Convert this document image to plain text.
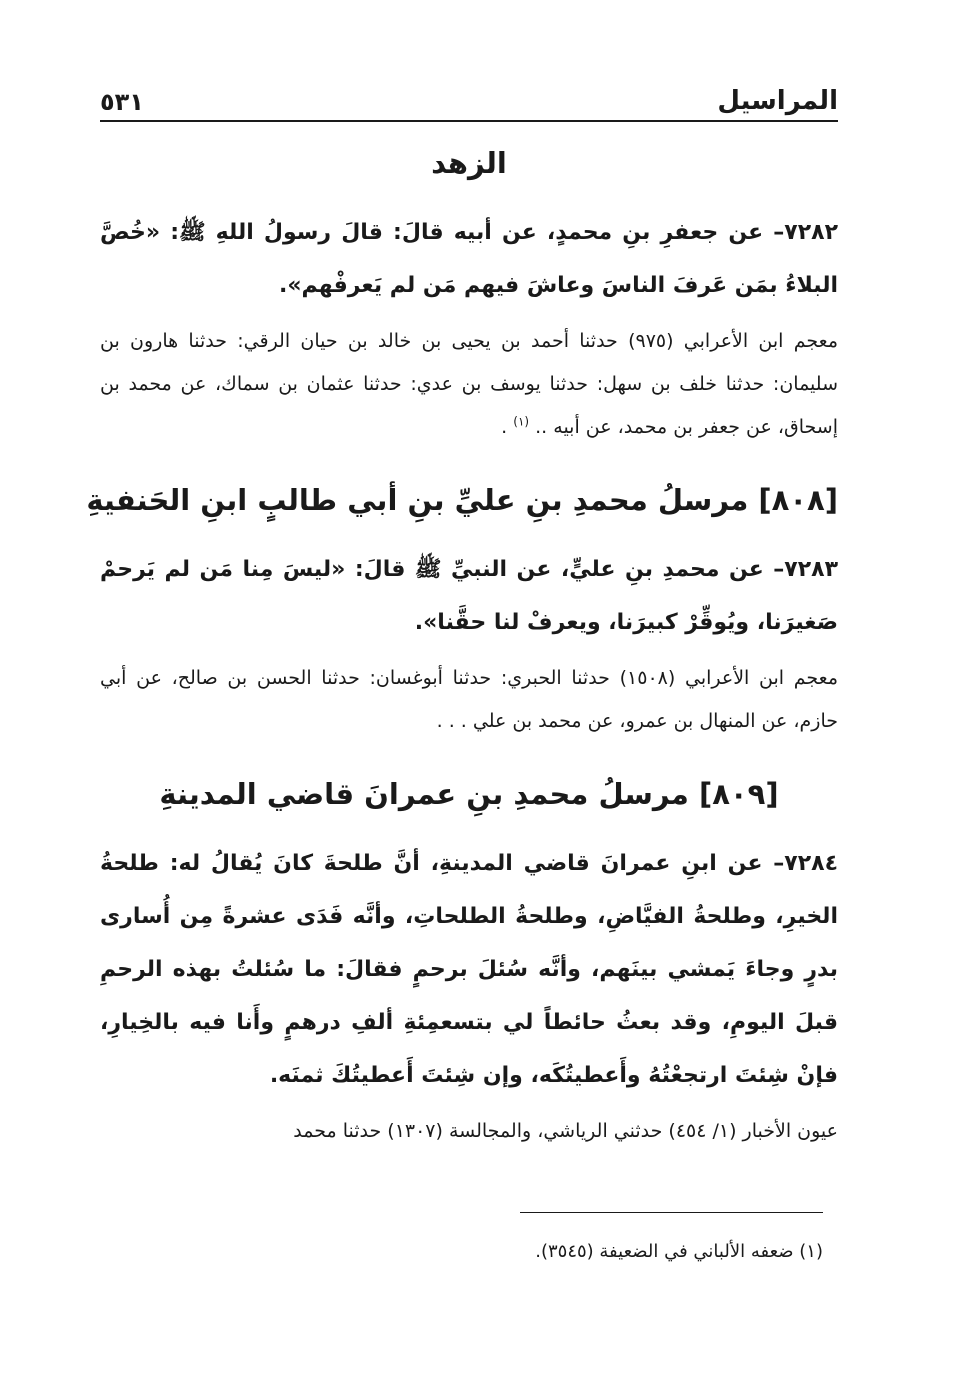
المراسيل
٥٣١
الزهد

٧٢٨٢– عن جعفرِ بنِ محمدٍ، عن أبيه قالَ: قالَ رسولُ اللهِ ﷺ: «خُصَّ البلاءُ بمَن عَرفَ الناسَ وعاشَ فيهم مَن لم يَعرفْهم».

معجم ابن الأعرابي (٩٧٥) حدثنا أحمد بن يحيى بن خالد بن حيان الرقي: حدثنا هارون بن سليمان: حدثنا خلف بن سهل: حدثنا يوسف بن عدي: حدثنا عثمان بن سماك، عن محمد بن إسحاق، عن جعفر بن محمد، عن أبيه .. $^{(١)}$ .

[٨٠٨] مرسلُ محمدِ بنِ عليِّ بنِ أبي طالبٍ ابنِ الحَنفيةِ

٧٢٨٣– عن محمدِ بنِ عليٍّ، عن النبيِّ ﷺ قالَ: «ليسَ مِنا مَن لم يَرحمْ صَغيرَنا، ويُوقِّرْ كبيرَنا، ويعرفْ لنا حقَّنا».

معجم ابن الأعرابي (١٥٠٨) حدثنا الحبري: حدثنا أبوغسان: حدثنا الحسن بن صالح، عن أبي حازم، عن المنهال بن عمرو، عن محمد بن علي . . .

[٨٠٩] مرسلُ محمدِ بنِ عمرانَ قاضي المدينةِ

٧٢٨٤– عن ابنِ عمرانَ قاضي المدينةِ، أنَّ طلحةَ كانَ يُقالُ له: طلحةُ الخيرِ، وطلحةُ الفيَّاضِ، وطلحةُ الطلحاتِ، وأنَّه فَدَى عشرةً مِن أُسارى بدرٍ وجاءَ يَمشي بينَهم، وأنَّه سُئلَ برحمٍ فقالَ: ما سُئلتُ بهذه الرحمِ قبلَ اليومِ، وقد بعثُ حائطاً لي بتسعمِئةِ ألفِ درهمٍ وأَنا فيه بالخِيارِ، فإنْ شِئتَ ارتجعْتُهُ وأَعطيتُكَه، وإن شِئتَ أَعطيتُكَ ثمنَه.

عيون الأخبار (١/ ٤٥٤) حدثني الرياشي، والمجالسة (١٣٠٧) حدثنا محمد

(١) ضعفه الألباني في الضعيفة (٣٥٤٥).
